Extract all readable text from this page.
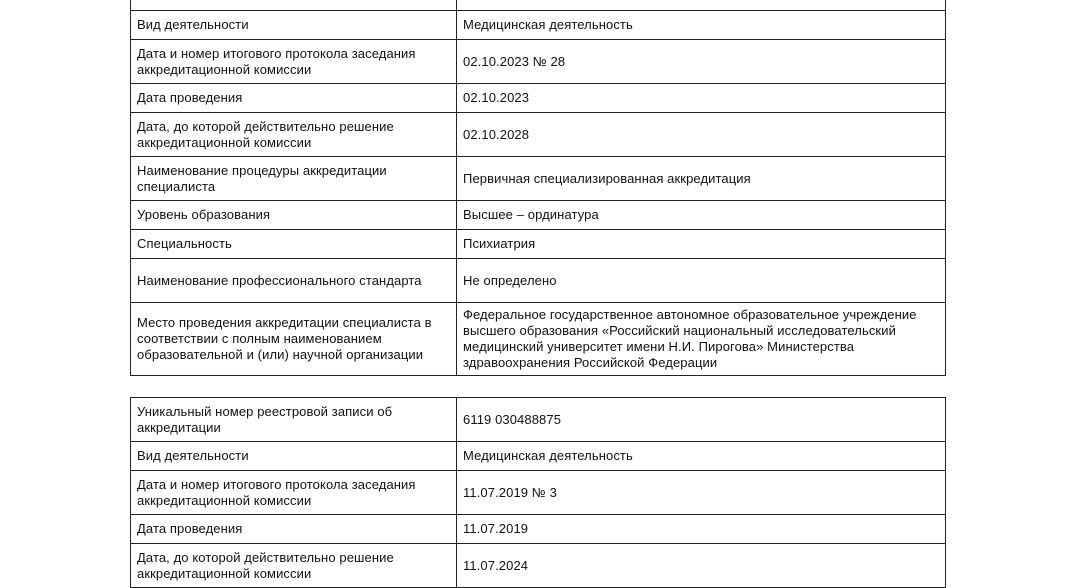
Вид деятельности	Медицинская деятельность
Дата и номер итогового протокола заседания аккредитационной комиссии	02.10.2023 № 28
Дата проведения	02.10.2023
Дата, до которой действительно решение аккредитационной комиссии	02.10.2028
Наименование процедуры аккредитации специалиста	Первичная специализированная аккредитация
Уровень образования	Высшее – ординатура
Специальность	Психиатрия
Наименование профессионального стандарта	Не определено
Место проведения аккредитации специалиста в соответствии с полным наименованием образовательной и (или) научной организации	Федеральное государственное автономное образовательное учреждение высшего образования «Российский национальный исследовательский медицинский университет имени Н.И. Пирогова» Министерства здравоохранения Российской Федерации
Уникальный номер реестровой записи об аккредитации	6119 030488875
Вид деятельности	Медицинская деятельность
Дата и номер итогового протокола заседания аккредитационной комиссии	11.07.2019 № 3
Дата проведения	11.07.2019
Дата, до которой действительно решение аккредитационной комиссии	11.07.2024
